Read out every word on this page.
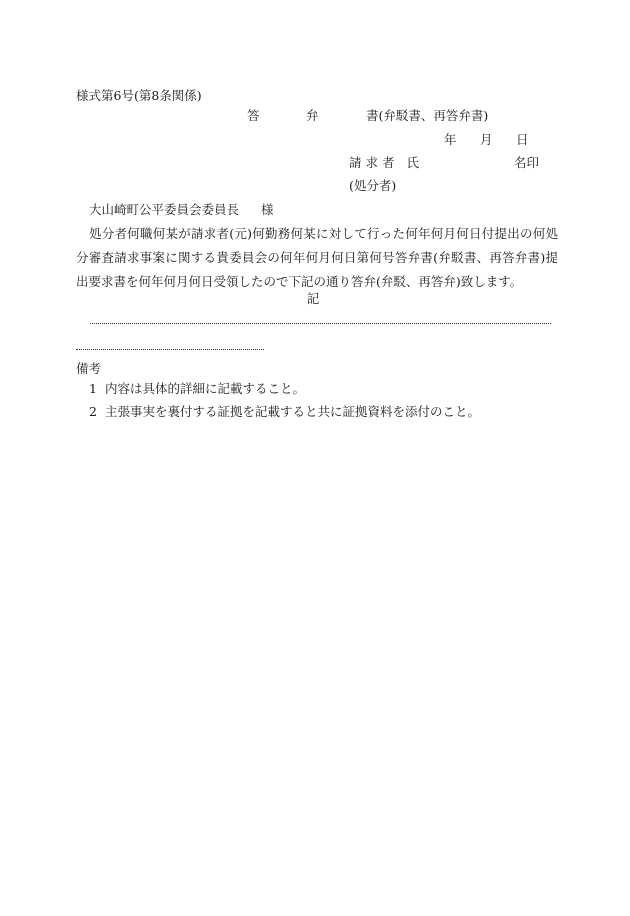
様式第6号(第8条関係)

答	弁	書(弁駁書、再答弁書)
年 月 日
請求者 氏	名印

(処分者)

大山崎町公平委員会委員長 様

処分者何職何某が請求者(元)何勤務何某に対して行った何年何月何日付提出の何処分審査請求事案に関する貴委員会の何年何月何日第何号答弁書(弁駁書、再答弁書)提出要求書を何年何月何日受領したので下記の通り答弁(弁駁、再答弁)致します。

記

備考

1 内容は具体的詳細に記載すること。

2 主張事実を裏付する証拠を記載すると共に証拠資料を添付のこと。
